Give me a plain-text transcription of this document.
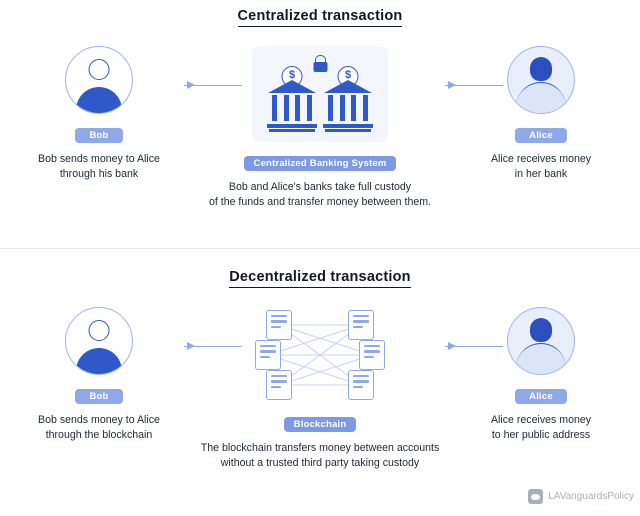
Centralized transaction
Bob
Bob sends money to Alice
through his bank
$	$
Centralized Banking System
Bob and Alice's banks take full custody
of the funds and transfer money between them.
Alice
Alice receives money
in her bank
Decentralized transaction
Bob
Bob sends money to Alice
through the blockchain
Blockchain
The blockchain transfers money between accounts
without a trusted third party taking custody
Alice
Alice receives money
to her public address
LAVanguardsPolicy
